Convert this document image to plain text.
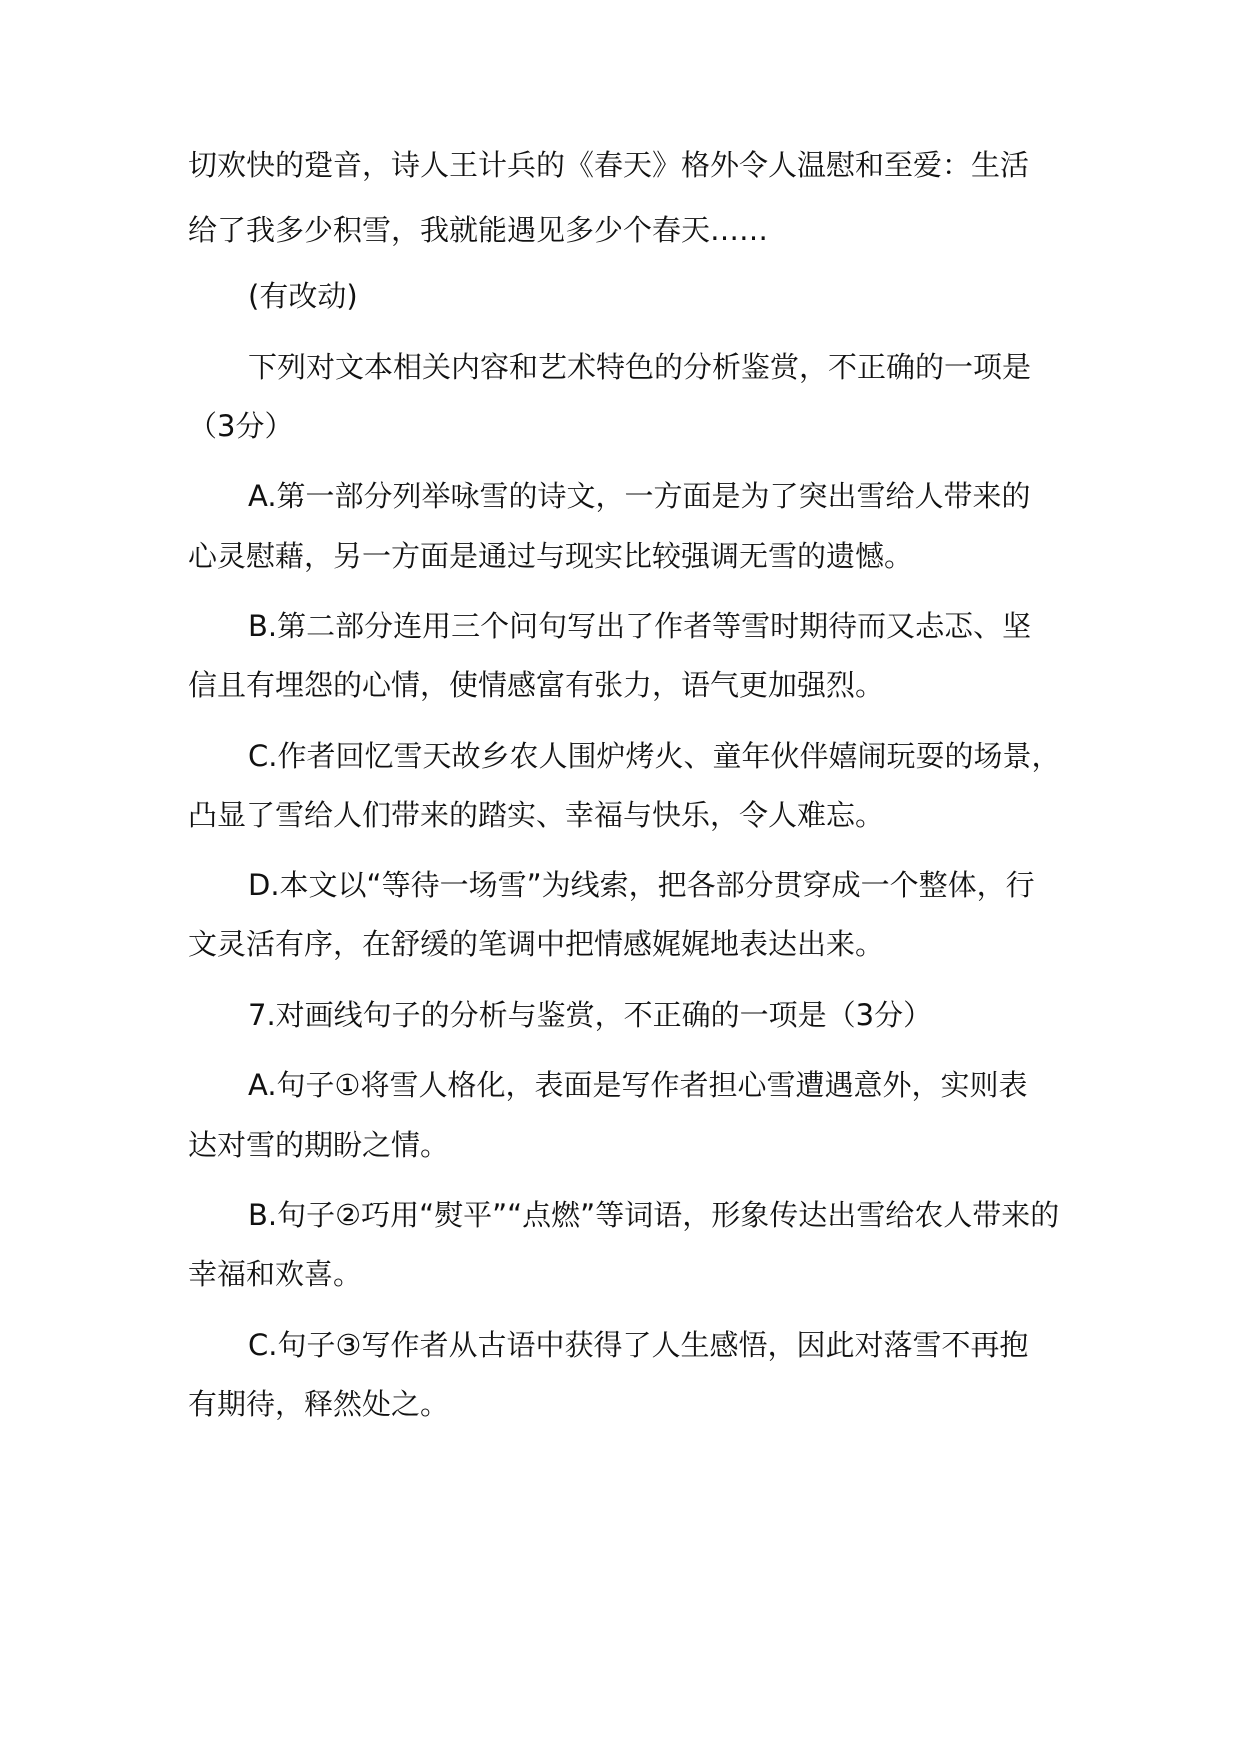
切欢快的跫音，诗人王计兵的《春天》格外令人温慰和至爱：生活
给了我多少积雪，我就能遇见多少个春天……
(有改动)
下列对文本相关内容和艺术特色的分析鉴赏，不正确的一项是
（3分）
A.第一部分列举咏雪的诗文，一方面是为了突出雪给人带来的
心灵慰藉，另一方面是通过与现实比较强调无雪的遗憾。
B.第二部分连用三个问句写出了作者等雪时期待而又忐忑、坚
信且有埋怨的心情，使情感富有张力，语气更加强烈。
C.作者回忆雪天故乡农人围炉烤火、童年伙伴嬉闹玩耍的场景，
凸显了雪给人们带来的踏实、幸福与快乐，令人难忘。
D.本文以“等待一场雪”为线索，把各部分贯穿成一个整体，行
文灵活有序，在舒缓的笔调中把情感娓娓地表达出来。
7.对画线句子的分析与鉴赏，不正确的一项是（3分）
A.句子①将雪人格化，表面是写作者担心雪遭遇意外，实则表
达对雪的期盼之情。
B.句子②巧用“熨平”“点燃”等词语，形象传达出雪给农人带来的
幸福和欢喜。
C.句子③写作者从古语中获得了人生感悟，因此对落雪不再抱
有期待，释然处之。
